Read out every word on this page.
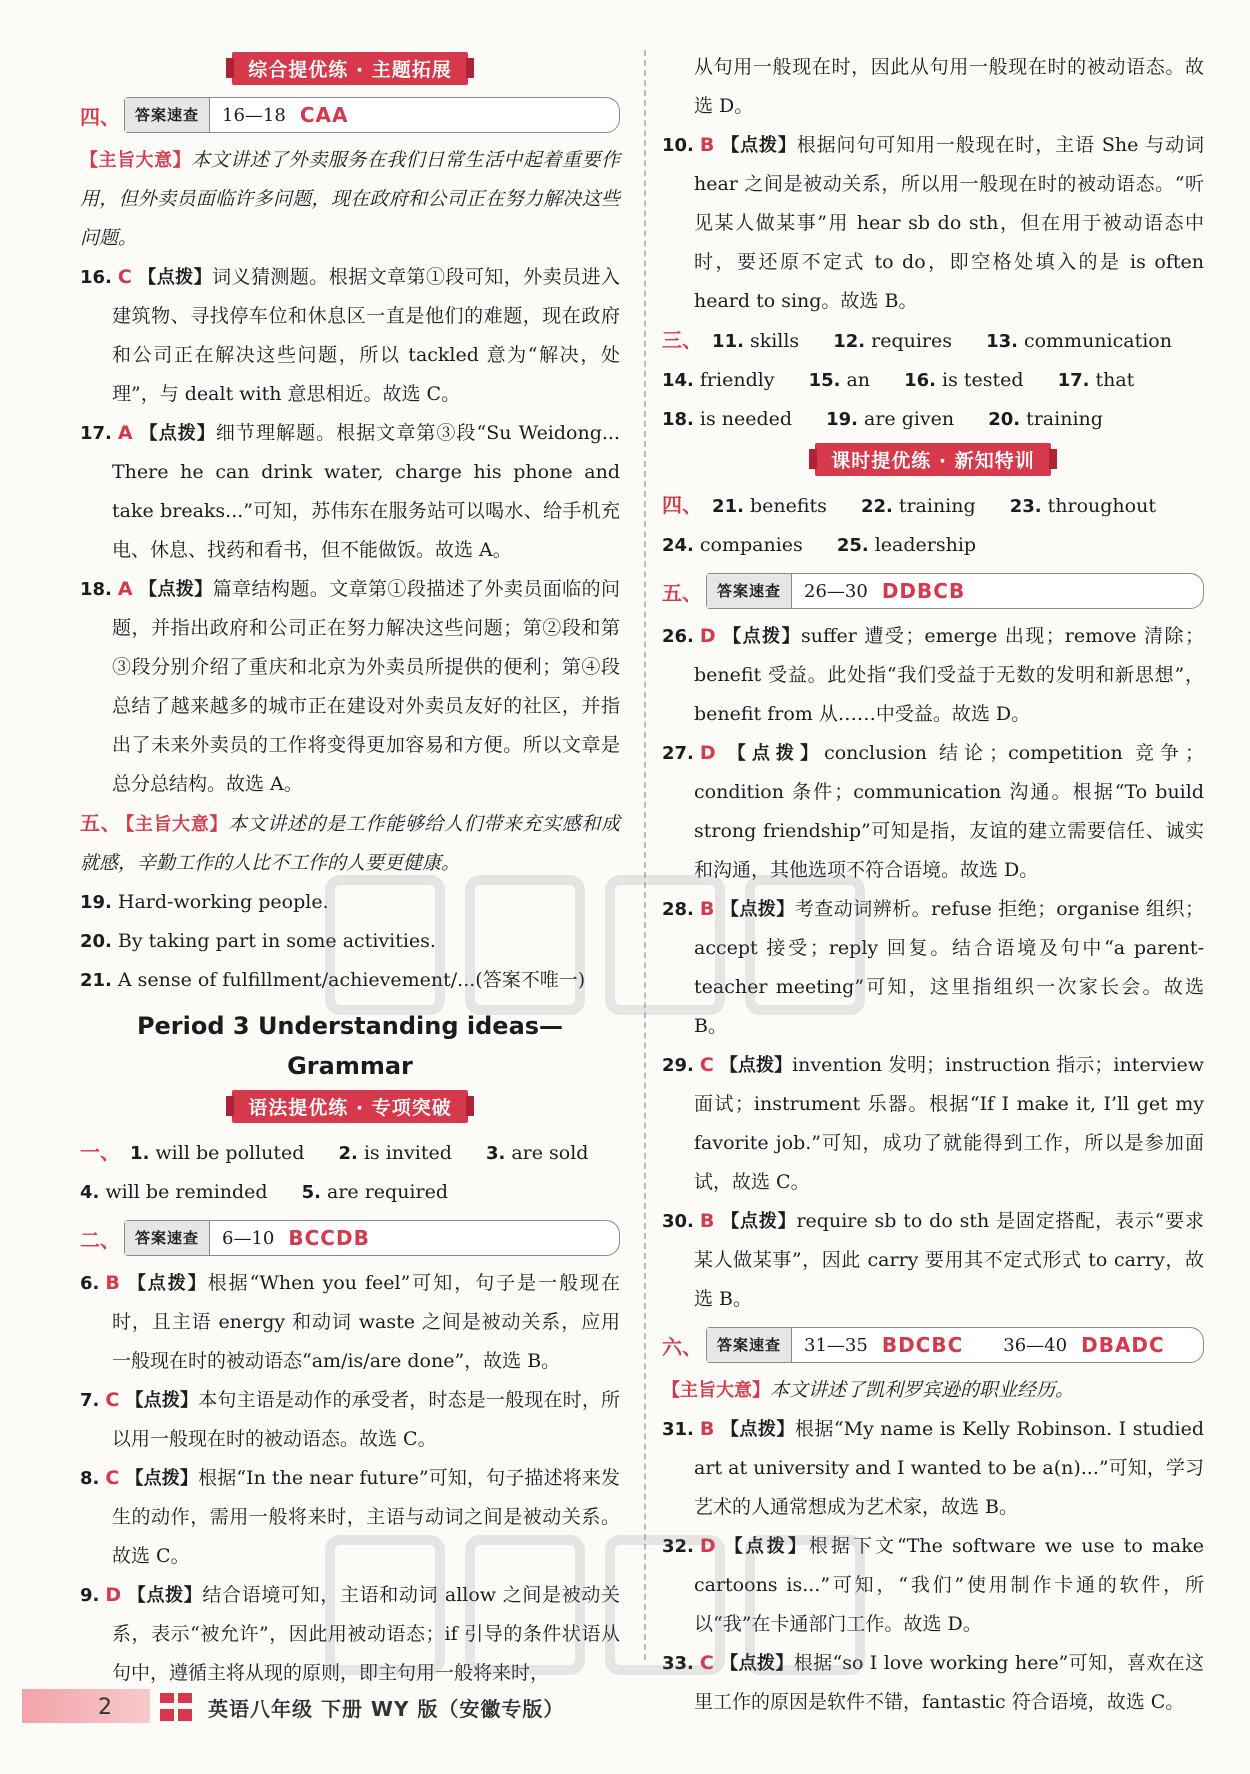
综合提优练 · 主题拓展
四、	答案速查	16—18 CAA

【主旨大意】本文讲述了外卖服务在我们日常生活中起着重要作用，但外卖员面临许多问题，现在政府和公司正在努力解决这些问题。

16. C 【点拨】词义猜测题。根据文章第①段可知，外卖员进入建筑物、寻找停车位和休息区一直是他们的难题，现在政府和公司正在解决这些问题，所以 tackled 意为“解决，处理”，与 dealt with 意思相近。故选 C。

17. A 【点拨】细节理解题。根据文章第③段“Su Weidong... There he can drink water, charge his phone and take breaks...”可知，苏伟东在服务站可以喝水、给手机充电、休息、找药和看书，但不能做饭。故选 A。

18. A 【点拨】篇章结构题。文章第①段描述了外卖员面临的问题，并指出政府和公司正在努力解决这些问题；第②段和第③段分别介绍了重庆和北京为外卖员所提供的便利；第④段总结了越来越多的城市正在建设对外卖员友好的社区，并指出了未来外卖员的工作将变得更加容易和方便。所以文章是总分总结构。故选 A。

五、 【主旨大意】本文讲述的是工作能够给人们带来充实感和成就感，辛勤工作的人比不工作的人要更健康。

19. Hard-working people.

20. By taking part in some activities.

21. A sense of fulfillment/achievement/...(答案不唯一)

Period 3 Understanding ideas—
Grammar
语法提优练 · 专项突破

一、 1. will be polluted 2. is invited 3. are sold

4. will be reminded 5. are required

二、	答案速查	6—10 BCCDB

6. B 【点拨】根据“When you feel”可知，句子是一般现在时，且主语 energy 和动词 waste 之间是被动关系，应用一般现在时的被动语态“am/is/are done”，故选 B。

7. C 【点拨】本句主语是动作的承受者，时态是一般现在时，所以用一般现在时的被动语态。故选 C。

8. C 【点拨】根据“In the near future”可知，句子描述将来发生的动作，需用一般将来时，主语与动词之间是被动关系。故选 C。

9. D 【点拨】结合语境可知，主语和动词 allow 之间是被动关系，表示“被允许”，因此用被动语态；if 引导的条件状语从句中，遵循主将从现的原则，即主句用一般将来时，

从句用一般现在时，因此从句用一般现在时的被动语态。故选 D。

10. B 【点拨】根据问句可知用一般现在时，主语 She 与动词 hear 之间是被动关系，所以用一般现在时的被动语态。“听见某人做某事”用 hear sb do sth，但在用于被动语态中时，要还原不定式 to do，即空格处填入的是 is often heard to sing。故选 B。

三、 11. skills 12. requires 13. communication

14. friendly 15. an 16. is tested 17. that

18. is needed 19. are given 20. training

课时提优练 · 新知特训

四、 21. benefits 22. training 23. throughout

24. companies 25. leadership

五、	答案速查	26—30 DDBCB

26. D 【点拨】suffer 遭受；emerge 出现；remove 清除；benefit 受益。此处指“我们受益于无数的发明和新思想”，benefit from 从……中受益。故选 D。

27. D 【点拨】conclusion 结论；competition 竞争；condition 条件；communication 沟通。根据“To build strong friendship”可知是指，友谊的建立需要信任、诚实和沟通，其他选项不符合语境。故选 D。

28. B 【点拨】考查动词辨析。refuse 拒绝；organise 组织；accept 接受；reply 回复。结合语境及句中“a parent-teacher meeting”可知，这里指组织一次家长会。故选 B。

29. C 【点拨】invention 发明；instruction 指示；interview 面试；instrument 乐器。根据“If I make it, I’ll get my favorite job.”可知，成功了就能得到工作，所以是参加面试，故选 C。

30. B 【点拨】require sb to do sth 是固定搭配，表示“要求某人做某事”，因此 carry 要用其不定式形式 to carry，故选 B。

六、	答案速查	31—35 BDCBC 36—40 DBADC

【主旨大意】本文讲述了凯利罗宾逊的职业经历。

31. B 【点拨】根据“My name is Kelly Robinson. I studied art at university and I wanted to be a(n)...”可知，学习艺术的人通常想成为艺术家，故选 B。

32. D 【点拨】根据下文“The software we use to make cartoons is...”可知，“我们”使用制作卡通的软件，所以“我”在卡通部门工作。故选 D。

33. C 【点拨】根据“so I love working here”可知，喜欢在这里工作的原因是软件不错，fantastic 符合语境，故选 C。

2	英语八年级 下册 WY 版（安徽专版）
